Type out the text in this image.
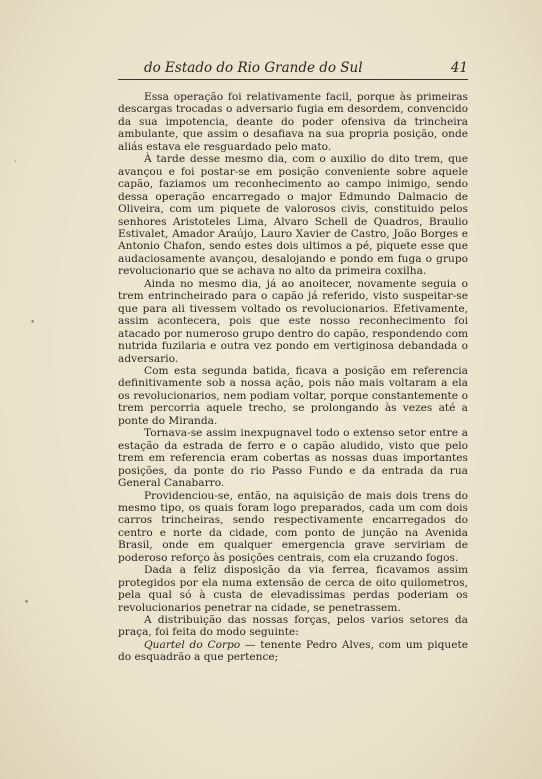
do Estado do Rio Grande do Sul	41

Essa operação foi relativamente facil, porque às primeiras descargas trocadas o adversario fugia em desordem, convencido da sua impotencia, deante do poder ofensiva da trincheira ambulante, que assim o desafiava na sua propria posição, onde aliás estava ele resguardado pelo mato.

À tarde desse mesmo dia, com o auxilio do dito trem, que avançou e foi postar-se em posição conveniente sobre aquele capão, faziamos um reconhecimento ao campo inimigo, sendo dessa operação encarregado o major Edmundo Dalmacio de Oliveira, com um piquete de valorosos civis, constituido pelos senhores Aristoteles Lima, Alvaro Schell de Quadros, Braulio Estivalet, Amador Araújo, Lauro Xavier de Castro, João Borges e Antonio Chafon, sendo estes dois ultimos a pé, piquete esse que audaciosamente avançou, desalojando e pondo em fuga o grupo revolucionario que se achava no alto da primeira coxilha.

Ainda no mesmo dia, já ao anoitecer, novamente seguia o trem entrincheirado para o capão já referido, visto suspeitar-se que para ali tivessem voltado os revolucionarios. Efetivamente, assim acontecera, pois que este nosso reconhecimento foi atacado por numeroso grupo dentro do capão, respondendo com nutrida fuzilaria e outra vez pondo em vertiginosa debandada o adversario.

Com esta segunda batida, ficava a posição em referencia definitivamente sob a nossa ação, pois não mais voltaram a ela os revolucionarios, nem podiam voltar, porque constantemente o trem percorria aquele trecho, se prolongando às vezes até a ponte do Miranda.

Tornava-se assim inexpugnavel todo o extenso setor entre a estação da estrada de ferro e o capão aludido, visto que pelo trem em referencia eram cobertas as nossas duas importantes posições, da ponte do rio Passo Fundo e da entrada da rua General Canabarro.

Providenciou-se, então, na aquisição de mais dois trens do mesmo tipo, os quais foram logo preparados, cada um com dois carros trincheiras, sendo respectivamente encarregados do centro e norte da cidade, com ponto de junção na Avenida Brasil, onde em qualquer emergencia grave serviriam de poderoso reforço às posições centrais, com ela cruzando fogos.

Dada a feliz disposição da via ferrea, ficavamos assim protegidos por ela numa extensão de cerca de oito quilometros, pela qual só à custa de elevadissimas perdas poderiam os revolucionarios penetrar na cidade, se penetrassem.

A distribuição das nossas forças, pelos varios setores da praça, foi feita do modo seguinte:

Quartel do Corpo — tenente Pedro Alves, com um piquete do esquadrão a que pertence;

•
·
•
